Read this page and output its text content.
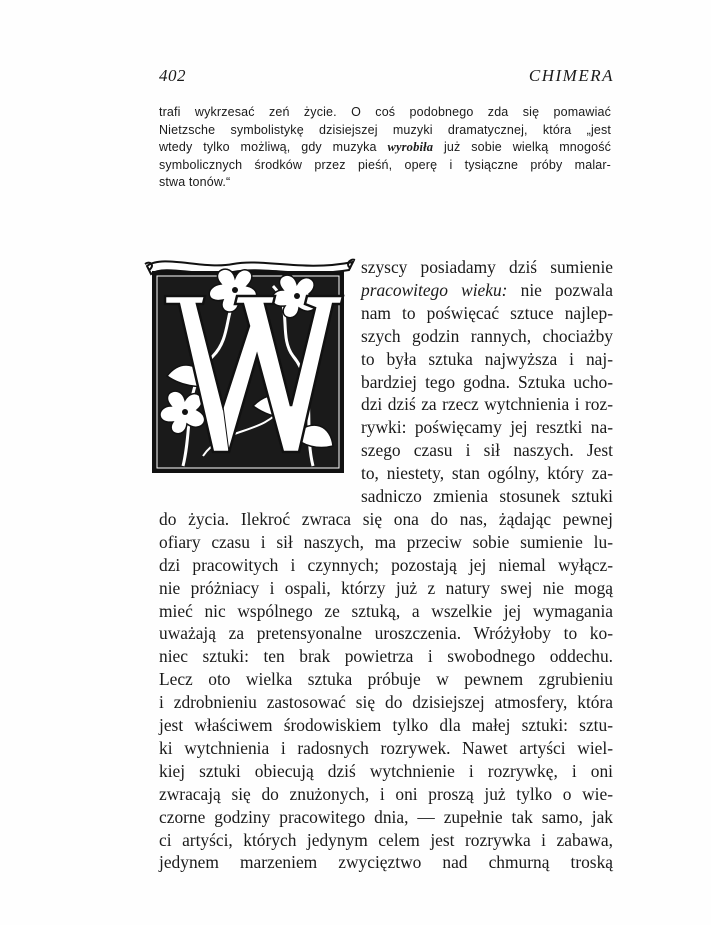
402	CHIMERA
trafi wykrzesać zeń życie. O coś podobnego zda się pomawiać
Nietzsche symbolistykę dzisiejszej muzyki dramatycznej, która „jest
wtedy tylko możliwą, gdy muzyka wyrobiła już sobie wielką mnogość
symbolicznych środków przez pieśń, operę i tysiączne próby malar-
stwa tonów.“
szyscy posiadamy dziś sumienie
pracowitego wieku: nie pozwala
nam to poświęcać sztuce najlep-
szych godzin rannych, chociażby
to była sztuka najwyższa i naj-
bardziej tego godna. Sztuka ucho-
dzi dziś za rzecz wytchnienia i roz-
rywki: poświęcamy jej resztki na-
szego czasu i sił naszych. Jest
to, niestety, stan ogólny, który za-
sadniczo zmienia stosunek sztuki
do życia. Ilekroć zwraca się ona do nas, żądając pewnej
ofiary czasu i sił naszych, ma przeciw sobie sumienie lu-
dzi pracowitych i czynnych; pozostają jej niemal wyłącz-
nie próżniacy i ospali, którzy już z natury swej nie mogą
mieć nic wspólnego ze sztuką, a wszelkie jej wymagania
uważają za pretensyonalne uroszczenia. Wróżyłoby to ko-
niec sztuki: ten brak powietrza i swobodnego oddechu.
Lecz oto wielka sztuka próbuje w pewnem zgrubieniu
i zdrobnieniu zastosować się do dzisiejszej atmosfery, która
jest właściwem środowiskiem tylko dla małej sztuki: sztu-
ki wytchnienia i radosnych rozrywek. Nawet artyści wiel-
kiej sztuki obiecują dziś wytchnienie i rozrywkę, i oni
zwracają się do znużonych, i oni proszą już tylko o wie-
czorne godziny pracowitego dnia, — zupełnie tak samo, jak
ci artyści, których jedynym celem jest rozrywka i zabawa,
jedynem marzeniem zwycięztwo nad chmurną troską
